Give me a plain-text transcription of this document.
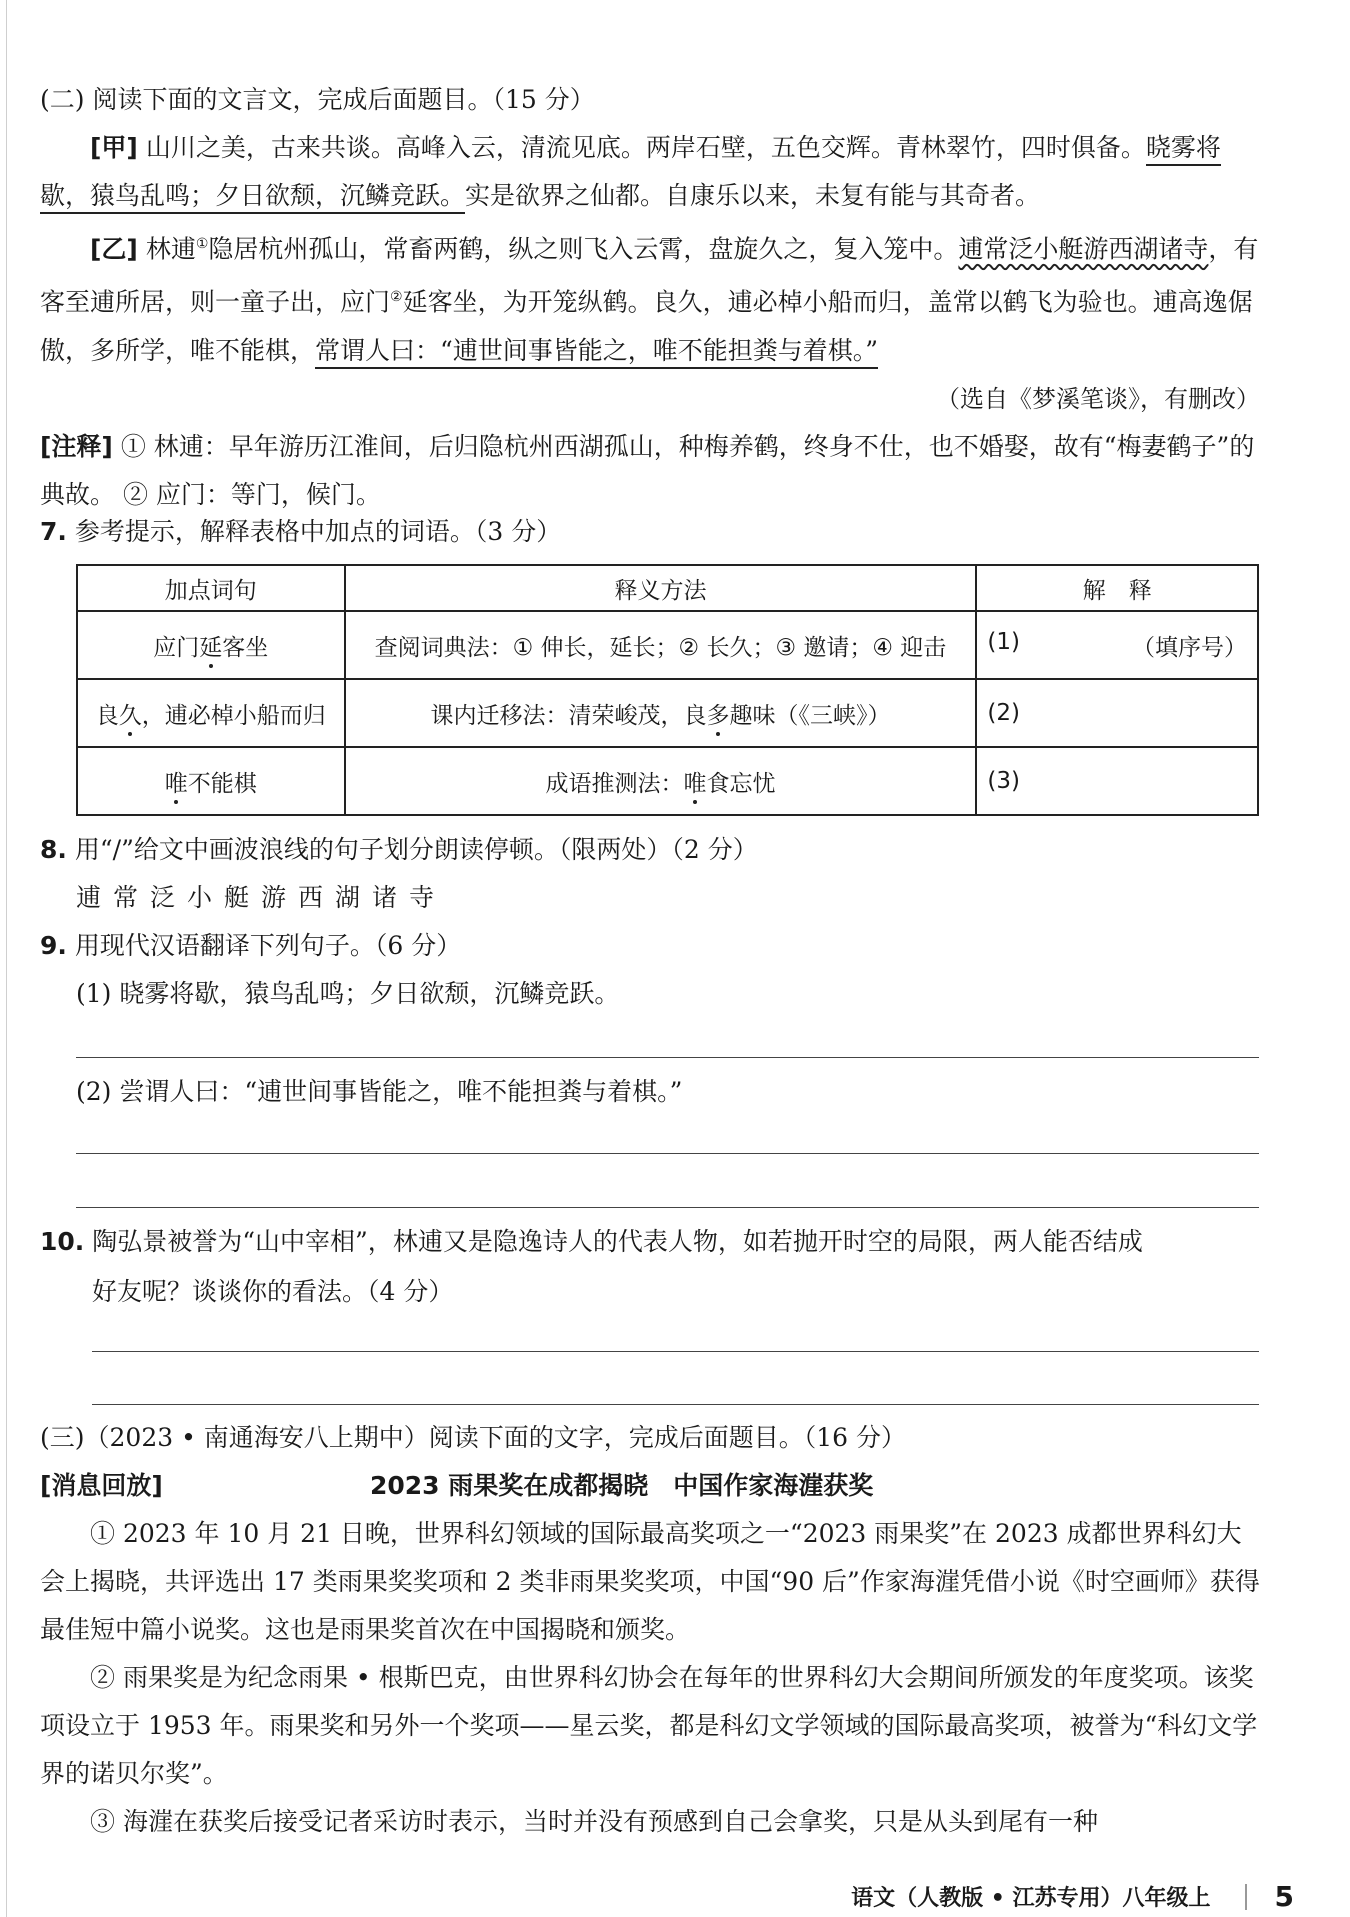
(二) 阅读下面的文言文，完成后面题目。（15 分）

[甲] 山川之美，古来共谈。高峰入云，清流见底。两岸石壁，五色交辉。青林翠竹，四时俱备。晓雾将歇，猿鸟乱鸣；夕日欲颓，沉鳞竞跃。实是欲界之仙都。自康乐以来，未复有能与其奇者。

[乙] 林逋①隐居杭州孤山，常畜两鹤，纵之则飞入云霄，盘旋久之，复入笼中。逋常泛小艇游西湖诸寺，有客至逋所居，则一童子出，应门②延客坐，为开笼纵鹤。良久，逋必棹小船而归，盖常以鹤飞为验也。逋高逸倨傲，多所学，唯不能棋，常谓人曰：“逋世间事皆能之，唯不能担粪与着棋。”

（选自《梦溪笔谈》，有删改）

[注释] ① 林逋：早年游历江淮间，后归隐杭州西湖孤山，种梅养鹤，终身不仕，也不婚娶，故有“梅妻鹤子”的典故。 ② 应门：等门，候门。

7. 参考提示，解释表格中加点的词语。（3 分）

加点词句	释义方法	解　释
应门延客坐	查阅词典法：① 伸长，延长；② 长久；③ 邀请；④ 迎击	(1) （填序号）

良久，逋必棹小船而归	课内迁移法：清荣峻茂，良多趣味（《三峡》）	(2)
唯不能棋	成语推测法：唯食忘忧	(3)

8. 用“/”给文中画波浪线的句子划分朗读停顿。（限两处）（2 分）

逋常泛小艇游西湖诸寺

9. 用现代汉语翻译下列句子。（6 分）

(1) 晓雾将歇，猿鸟乱鸣；夕日欲颓，沉鳞竞跃。

(2) 尝谓人曰：“逋世间事皆能之，唯不能担粪与着棋。”

10. 陶弘景被誉为“山中宰相”，林逋又是隐逸诗人的代表人物，如若抛开时空的局限，两人能否结成

好友呢？谈谈你的看法。（4 分）

(三)（2023 • 南通海安八上期中）阅读下面的文字，完成后面题目。（16 分）

[消息回放]	2023 雨果奖在成都揭晓　中国作家海漄获奖

① 2023 年 10 月 21 日晚，世界科幻领域的国际最高奖项之一“2023 雨果奖”在 2023 成都世界科幻大会上揭晓，共评选出 17 类雨果奖奖项和 2 类非雨果奖奖项，中国“90 后”作家海漄凭借小说《时空画师》获得最佳短中篇小说奖。这也是雨果奖首次在中国揭晓和颁奖。

② 雨果奖是为纪念雨果 • 根斯巴克，由世界科幻协会在每年的世界科幻大会期间所颁发的年度奖项。该奖项设立于 1953 年。雨果奖和另外一个奖项——星云奖，都是科幻文学领域的国际最高奖项，被誉为“科幻文学界的诺贝尔奖”。

③ 海漄在获奖后接受记者采访时表示，当时并没有预感到自己会拿奖，只是从头到尾有一种

语文（人教版 • 江苏专用）八年级上 5
